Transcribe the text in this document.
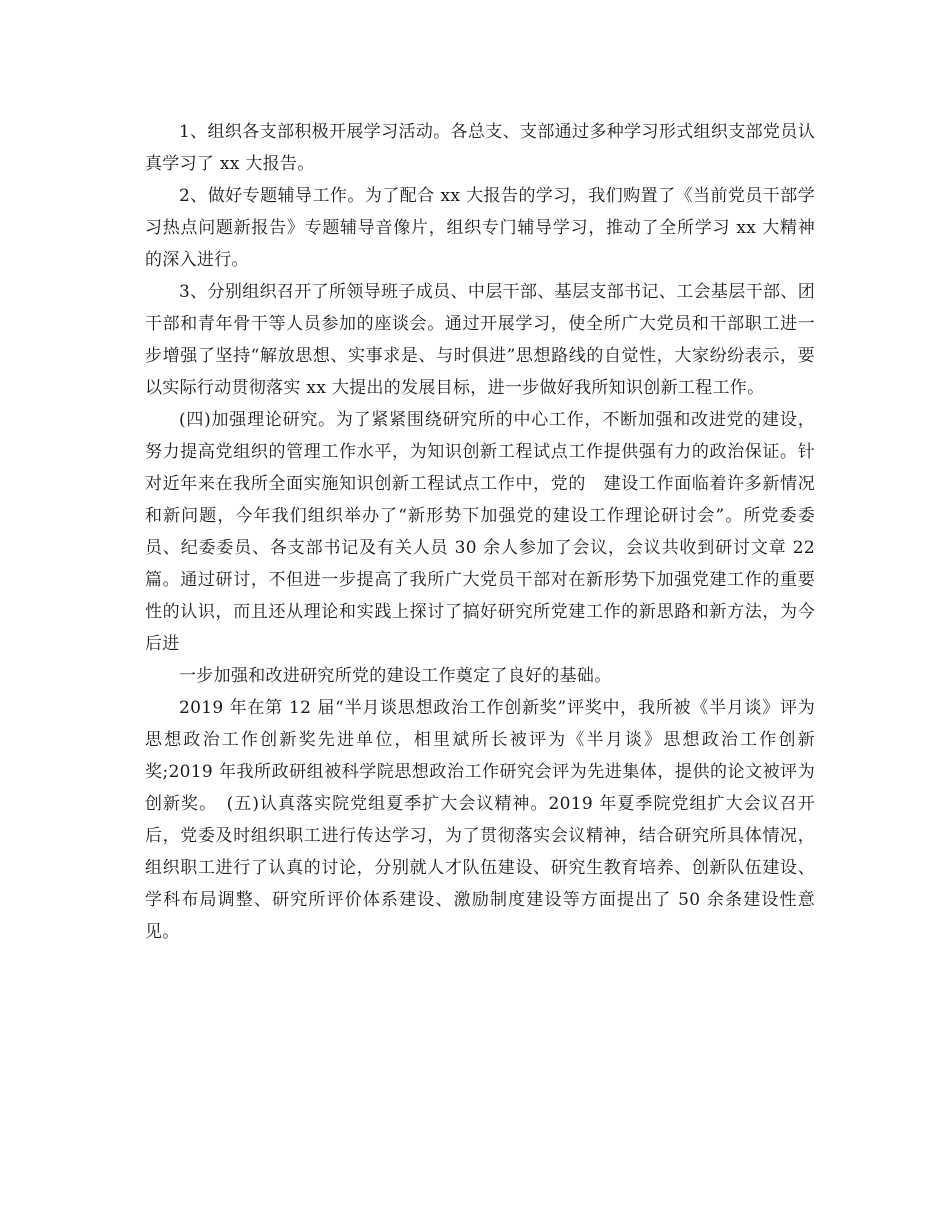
1、组织各支部积极开展学习活动。各总支、支部通过多种学习形式组织支部党员认真学习了 xx 大报告。

2、做好专题辅导工作。为了配合 xx 大报告的学习，我们购置了《当前党员干部学习热点问题新报告》专题辅导音像片，组织专门辅导学习，推动了全所学习 xx 大精神的深入进行。

3、分别组织召开了所领导班子成员、中层干部、基层支部书记、工会基层干部、团干部和青年骨干等人员参加的座谈会。通过开展学习，使全所广大党员和干部职工进一步增强了坚持“解放思想、实事求是、与时俱进”思想路线的自觉性，大家纷纷表示，要以实际行动贯彻落实 xx 大提出的发展目标，进一步做好我所知识创新工程工作。

(四)加强理论研究。为了紧紧围绕研究所的中心工作，不断加强和改进党的建设，努力提高党组织的管理工作水平，为知识创新工程试点工作提供强有力的政治保证。针对近年来在我所全面实施知识创新工程试点工作中，党的　建设工作面临着许多新情况和新问题，今年我们组织举办了“新形势下加强党的建设工作理论研讨会”。所党委委员、纪委委员、各支部书记及有关人员 30 余人参加了会议，会议共收到研讨文章 22 篇。通过研讨，不但进一步提高了我所广大党员干部对在新形势下加强党建工作的重要性的认识，而且还从理论和实践上探讨了搞好研究所党建工作的新思路和新方法，为今后进

一步加强和改进研究所党的建设工作奠定了良好的基础。

2019 年在第 12 届“半月谈思想政治工作创新奖”评奖中，我所被《半月谈》评为思想政治工作创新奖先进单位，相里斌所长被评为《半月谈》思想政治工作创新奖;2019 年我所政研组被科学院思想政治工作研究会评为先进集体，提供的论文被评为创新奖。　(五)认真落实院党组夏季扩大会议精神。2019 年夏季院党组扩大会议召开后，党委及时组织职工进行传达学习，为了贯彻落实会议精神，结合研究所具体情况，组织职工进行了认真的讨论，分别就人才队伍建设、研究生教育培养、创新队伍建设、学科布局调整、研究所评价体系建设、激励制度建设等方面提出了 50 余条建设性意见。
